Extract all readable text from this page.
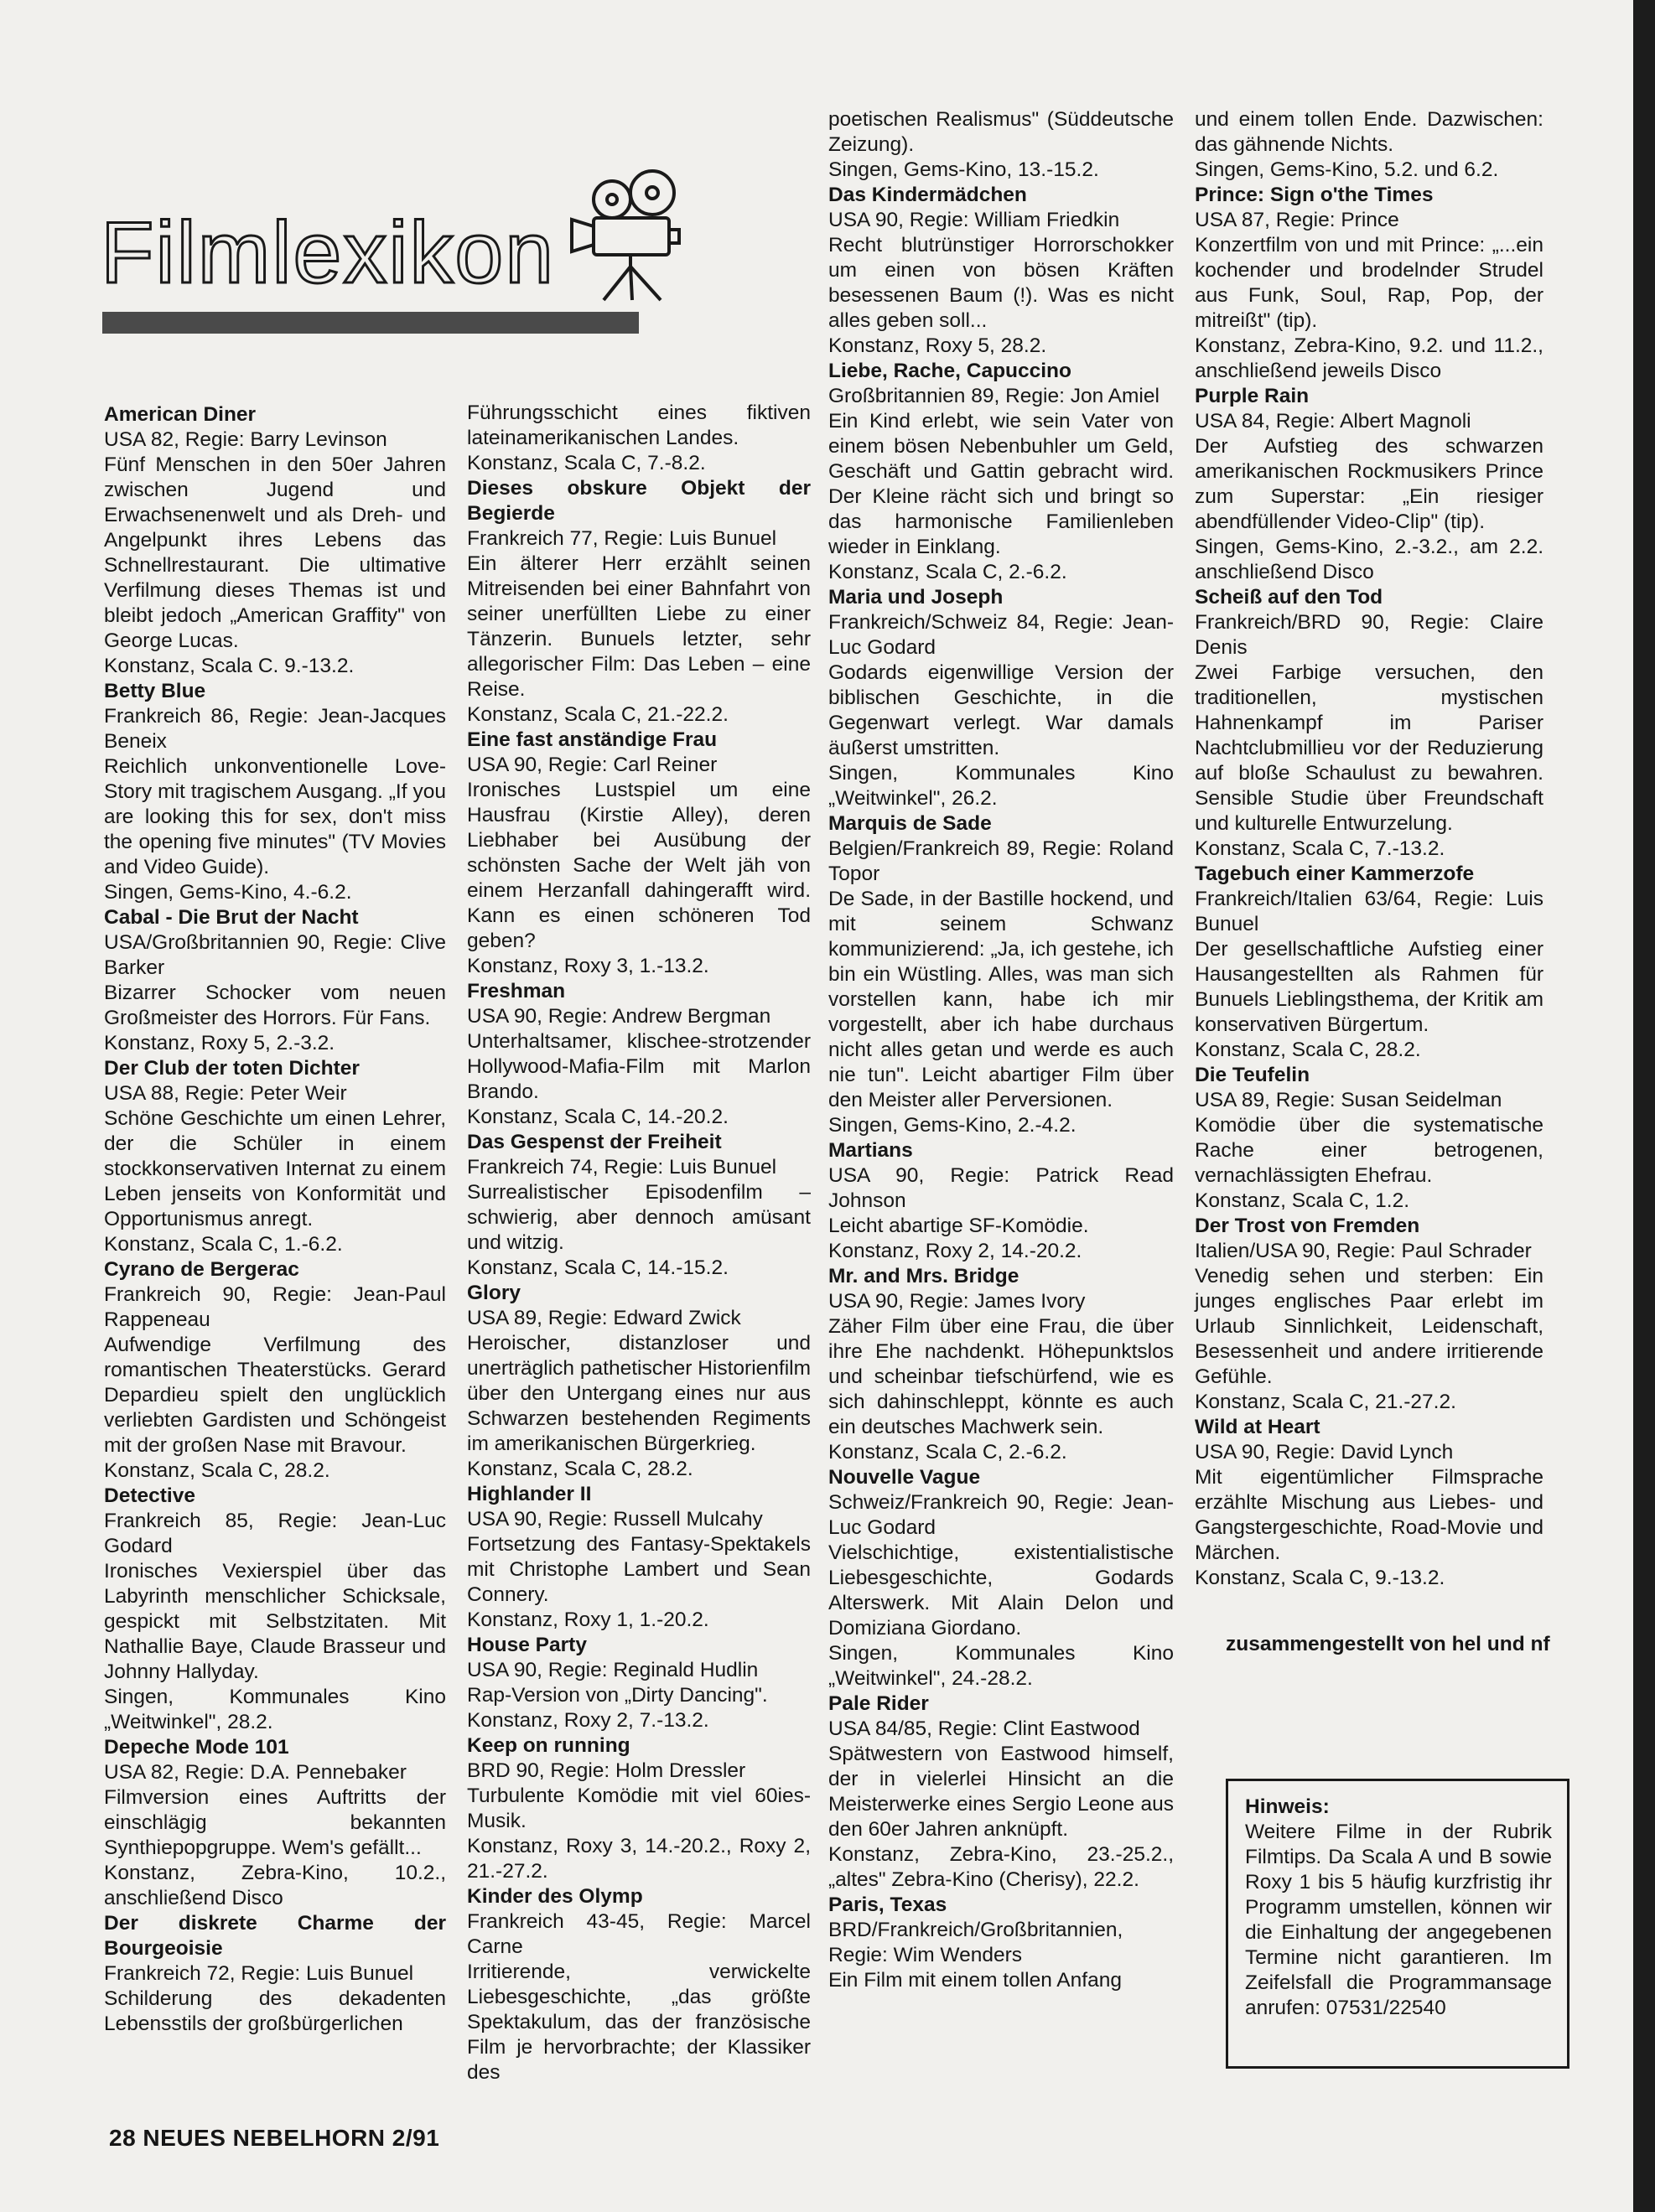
Filmlexikon
American Diner
USA 82, Regie: Barry Levinson
Fünf Menschen in den 50er Jahren zwischen Jugend und Erwachsenenwelt und als Dreh- und Angelpunkt ihres Lebens das Schnellrestaurant. Die ultimative Verfilmung dieses Themas ist und bleibt jedoch „American Graffity" von George Lucas.
Konstanz, Scala C. 9.-13.2.
Betty Blue
Frankreich 86, Regie: Jean-Jacques Beneix
Reichlich unkonventionelle Love-Story mit tragischem Ausgang. „If you are looking this for sex, don't miss the opening five minutes" (TV Movies and Video Guide).
Singen, Gems-Kino, 4.-6.2.
Cabal - Die Brut der Nacht
USA/Großbritannien 90, Regie: Clive Barker
Bizarrer Schocker vom neuen Großmeister des Horrors. Für Fans.
Konstanz, Roxy 5, 2.-3.2.
Der Club der toten Dichter
USA 88, Regie: Peter Weir
Schöne Geschichte um einen Lehrer, der die Schüler in einem stockkonservativen Internat zu einem Leben jenseits von Konformität und Opportunismus anregt.
Konstanz, Scala C, 1.-6.2.
Cyrano de Bergerac
Frankreich 90, Regie: Jean-Paul Rappeneau
Aufwendige Verfilmung des romantischen Theaterstücks. Gerard Depardieu spielt den unglücklich verliebten Gardisten und Schöngeist mit der großen Nase mit Bravour.
Konstanz, Scala C, 28.2.
Detective
Frankreich 85, Regie: Jean-Luc Godard
Ironisches Vexierspiel über das Labyrinth menschlicher Schicksale, gespickt mit Selbstzitaten. Mit Nathallie Baye, Claude Brasseur und Johnny Hallyday.
Singen, Kommunales Kino „Weitwinkel", 28.2.
Depeche Mode 101
USA 82, Regie: D.A. Pennebaker
Filmversion eines Auftritts der einschlägig bekannten Synthiepopgruppe. Wem's gefällt...
Konstanz, Zebra-Kino, 10.2., anschließend Disco
Der diskrete Charme der Bourgeoisie
Frankreich 72, Regie: Luis Bunuel
Schilderung des dekadenten Lebensstils der großbürgerlichen
Führungsschicht eines fiktiven lateinamerikanischen Landes.
Konstanz, Scala C, 7.-8.2.
Dieses obskure Objekt der Begierde
Frankreich 77, Regie: Luis Bunuel
Ein älterer Herr erzählt seinen Mitreisenden bei einer Bahnfahrt von seiner unerfüllten Liebe zu einer Tänzerin. Bunuels letzter, sehr allegorischer Film: Das Leben – eine Reise.
Konstanz, Scala C, 21.-22.2.
Eine fast anständige Frau
USA 90, Regie: Carl Reiner
Ironisches Lustspiel um eine Hausfrau (Kirstie Alley), deren Liebhaber bei Ausübung der schönsten Sache der Welt jäh von einem Herzanfall dahingerafft wird. Kann es einen schöneren Tod geben?
Konstanz, Roxy 3, 1.-13.2.
Freshman
USA 90, Regie: Andrew Bergman
Unterhaltsamer, klischee-strotzender Hollywood-Mafia-Film mit Marlon Brando.
Konstanz, Scala C, 14.-20.2.
Das Gespenst der Freiheit
Frankreich 74, Regie: Luis Bunuel
Surrealistischer Episodenfilm – schwierig, aber dennoch amüsant und witzig.
Konstanz, Scala C, 14.-15.2.
Glory
USA 89, Regie: Edward Zwick
Heroischer, distanzloser und unerträglich pathetischer Historienfilm über den Untergang eines nur aus Schwarzen bestehenden Regiments im amerikanischen Bürgerkrieg.
Konstanz, Scala C, 28.2.
Highlander II
USA 90, Regie: Russell Mulcahy
Fortsetzung des Fantasy-Spektakels mit Christophe Lambert und Sean Connery.
Konstanz, Roxy 1, 1.-20.2.
House Party
USA 90, Regie: Reginald Hudlin
Rap-Version von „Dirty Dancing".
Konstanz, Roxy 2, 7.-13.2.
Keep on running
BRD 90, Regie: Holm Dressler
Turbulente Komödie mit viel 60ies-Musik.
Konstanz, Roxy 3, 14.-20.2., Roxy 2, 21.-27.2.
Kinder des Olymp
Frankreich 43-45, Regie: Marcel Carne
Irritierende, verwickelte Liebesgeschichte, „das größte Spektakulum, das der französische Film je hervorbrachte; der Klassiker des
poetischen Realismus" (Süddeutsche Zeizung).
Singen, Gems-Kino, 13.-15.2.
Das Kindermädchen
USA 90, Regie: William Friedkin
Recht blutrünstiger Horrorschokker um einen von bösen Kräften besessenen Baum (!). Was es nicht alles geben soll...
Konstanz, Roxy 5, 28.2.
Liebe, Rache, Capuccino
Großbritannien 89, Regie: Jon Amiel
Ein Kind erlebt, wie sein Vater von einem bösen Nebenbuhler um Geld, Geschäft und Gattin gebracht wird. Der Kleine rächt sich und bringt so das harmonische Familienleben wieder in Einklang.
Konstanz, Scala C, 2.-6.2.
Maria und Joseph
Frankreich/Schweiz 84, Regie: Jean-Luc Godard
Godards eigenwillige Version der biblischen Geschichte, in die Gegenwart verlegt. War damals äußerst umstritten.
Singen, Kommunales Kino „Weitwinkel", 26.2.
Marquis de Sade
Belgien/Frankreich 89, Regie: Roland Topor
De Sade, in der Bastille hockend, und mit seinem Schwanz kommunizierend: „Ja, ich gestehe, ich bin ein Wüstling. Alles, was man sich vorstellen kann, habe ich mir vorgestellt, aber ich habe durchaus nicht alles getan und werde es auch nie tun". Leicht abartiger Film über den Meister aller Perversionen.
Singen, Gems-Kino, 2.-4.2.
Martians
USA 90, Regie: Patrick Read Johnson
Leicht abartige SF-Komödie.
Konstanz, Roxy 2, 14.-20.2.
Mr. and Mrs. Bridge
USA 90, Regie: James Ivory
Zäher Film über eine Frau, die über ihre Ehe nachdenkt. Höhepunktslos und scheinbar tiefschürfend, wie es sich dahinschleppt, könnte es auch ein deutsches Machwerk sein.
Konstanz, Scala C, 2.-6.2.
Nouvelle Vague
Schweiz/Frankreich 90, Regie: Jean-Luc Godard
Vielschichtige, existentialistische Liebesgeschichte, Godards Alterswerk. Mit Alain Delon und Domiziana Giordano.
Singen, Kommunales Kino „Weitwinkel", 24.-28.2.
Pale Rider
USA 84/85, Regie: Clint Eastwood
Spätwestern von Eastwood himself, der in vielerlei Hinsicht an die Meisterwerke eines Sergio Leone aus den 60er Jahren anknüpft.
Konstanz, Zebra-Kino, 23.-25.2., „altes" Zebra-Kino (Cherisy), 22.2.
Paris, Texas
BRD/Frankreich/Großbritannien, Regie: Wim Wenders
Ein Film mit einem tollen Anfang
und einem tollen Ende. Dazwischen: das gähnende Nichts.
Singen, Gems-Kino, 5.2. und 6.2.
Prince: Sign o'the Times
USA 87, Regie: Prince
Konzertfilm von und mit Prince: „...ein kochender und brodelnder Strudel aus Funk, Soul, Rap, Pop, der mitreißt" (tip).
Konstanz, Zebra-Kino, 9.2. und 11.2., anschließend jeweils Disco
Purple Rain
USA 84, Regie: Albert Magnoli
Der Aufstieg des schwarzen amerikanischen Rockmusikers Prince zum Superstar: „Ein riesiger abendfüllender Video-Clip" (tip).
Singen, Gems-Kino, 2.-3.2., am 2.2. anschließend Disco
Scheiß auf den Tod
Frankreich/BRD 90, Regie: Claire Denis
Zwei Farbige versuchen, den traditionellen, mystischen Hahnenkampf im Pariser Nachtclubmillieu vor der Reduzierung auf bloße Schaulust zu bewahren. Sensible Studie über Freundschaft und kulturelle Entwurzelung.
Konstanz, Scala C, 7.-13.2.
Tagebuch einer Kammerzofe
Frankreich/Italien 63/64, Regie: Luis Bunuel
Der gesellschaftliche Aufstieg einer Hausangestellten als Rahmen für Bunuels Lieblingsthema, der Kritik am konservativen Bürgertum.
Konstanz, Scala C, 28.2.
Die Teufelin
USA 89, Regie: Susan Seidelman
Komödie über die systematische Rache einer betrogenen, vernachlässigten Ehefrau.
Konstanz, Scala C, 1.2.
Der Trost von Fremden
Italien/USA 90, Regie: Paul Schrader
Venedig sehen und sterben: Ein junges englisches Paar erlebt im Urlaub Sinnlichkeit, Leidenschaft, Besessenheit und andere irritierende Gefühle.
Konstanz, Scala C, 21.-27.2.
Wild at Heart
USA 90, Regie: David Lynch
Mit eigentümlicher Filmsprache erzählte Mischung aus Liebes- und Gangstergeschichte, Road-Movie und Märchen.
Konstanz, Scala C, 9.-13.2.
zusammengestellt von hel und nf
Hinweis:
Weitere Filme in der Rubrik Filmtips. Da Scala A und B sowie Roxy 1 bis 5 häufig kurzfristig ihr Programm umstellen, können wir die Einhaltung der angegebenen Termine nicht garantieren. Im Zeifelsfall die Programmansage anrufen: 07531/22540
28 NEUES NEBELHORN 2/91
